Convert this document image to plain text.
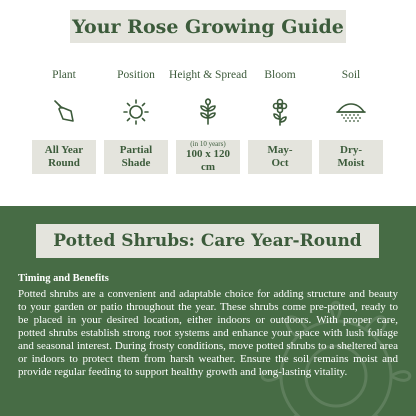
Your Rose Growing Guide
Plant
All Year
Round
Position
Partial
Shade
Height & Spread
(in 10 years)
100 x 120
cm
Bloom
May-
Oct
Soil
Dry-
Moist
Potted Shrubs: Care Year-Round
Timing and Benefits
Potted shrubs are a convenient and adaptable choice for adding structure and beauty to your garden or patio throughout the year. These shrubs come pre-potted, ready to be placed in your desired location, either indoors or outdoors. With proper care, potted shrubs establish strong root systems and enhance your space with lush foliage and seasonal interest. During frosty conditions, move potted shrubs to a sheltered area or indoors to protect them from harsh weather. Ensure the soil remains moist and provide regular feeding to support healthy growth and long-lasting vitality.
